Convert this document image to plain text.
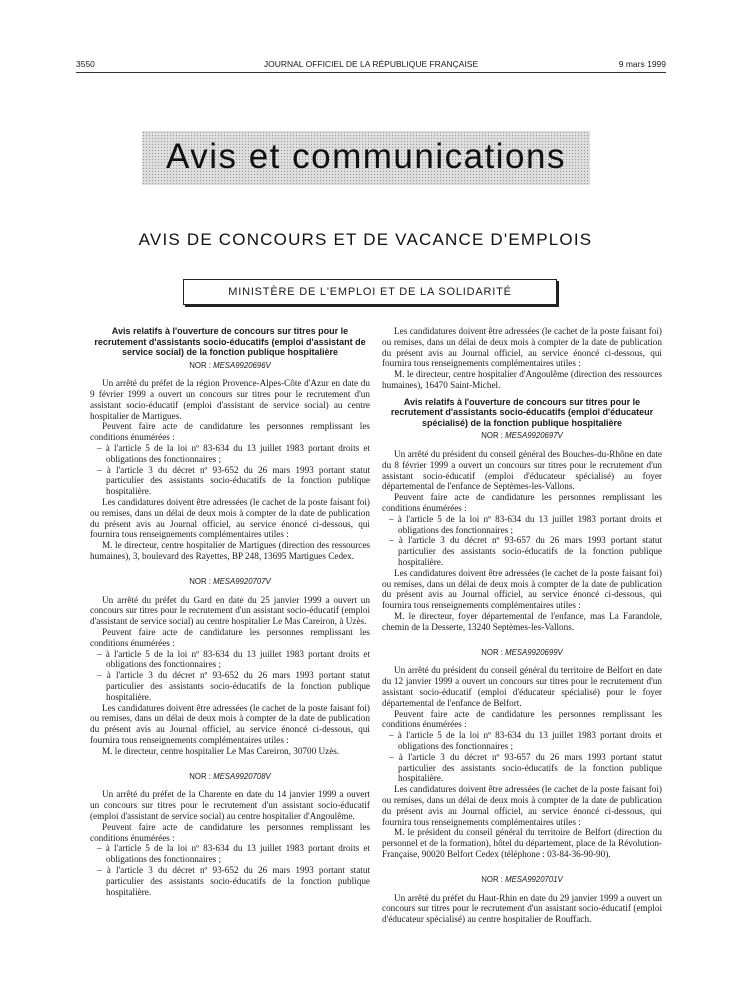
3550	JOURNAL OFFICIEL DE LA RÉPUBLIQUE FRANÇAISE	9 mars 1999
Avis et communications
AVIS DE CONCOURS ET DE VACANCE D'EMPLOIS
MINISTÈRE DE L'EMPLOI ET DE LA SOLIDARITÉ
Avis relatifs à l'ouverture de concours sur titres pour le recrutement d'assistants socio-éducatifs (emploi d'assistant de service social) de la fonction publique hospitalière
NOR : MESA9920696V

Un arrêté du préfet de la région Provence-Alpes-Côte d'Azur en date du 9 février 1999 a ouvert un concours sur titres pour le recrutement d'un assistant socio-éducatif (emploi d'assistant de service social) au centre hospitalier de Martigues.

Peuvent faire acte de candidature les personnes remplissant les conditions énumérées :

– à l'article 5 de la loi nº 83-634 du 13 juillet 1983 portant droits et obligations des fonctionnaires ;

– à l'article 3 du décret nº 93-652 du 26 mars 1993 portant statut particulier des assistants socio-éducatifs de la fonction publique hospitalière.

Les candidatures doivent être adressées (le cachet de la poste faisant foi) ou remises, dans un délai de deux mois à compter de la date de publication du présent avis au Journal officiel, au service énoncé ci-dessous, qui fournira tous renseignements complémentaires utiles :

M. le directeur, centre hospitalier de Martigues (direction des ressources humaines), 3, boulevard des Rayettes, BP 248, 13695 Martigues Cedex.

NOR : MESA9920707V

Un arrêté du préfet du Gard en date du 25 janvier 1999 a ouvert un concours sur titres pour le recrutement d'un assistant socio-éducatif (emploi d'assistant de service social) au centre hospitalier Le Mas Careiron, à Uzès.

Peuvent faire acte de candidature les personnes remplissant les conditions énumérées :

– à l'article 5 de la loi nº 83-634 du 13 juillet 1983 portant droits et obligations des fonctionnaires ;

– à l'article 3 du décret nº 93-652 du 26 mars 1993 portant statut particulier des assistants socio-éducatifs de la fonction publique hospitalière.

Les candidatures doivent être adressées (le cachet de la poste faisant foi) ou remises, dans un délai de deux mois à compter de la date de publication du présent avis au Journal officiel, au service énoncé ci-dessous, qui fournira tous renseignements complémentaires utiles :

M. le directeur, centre hospitalier Le Mas Careiron, 30700 Uzès.

NOR : MESA9920708V

Un arrêté du préfet de la Charente en date du 14 janvier 1999 a ouvert un concours sur titres pour le recrutement d'un assistant socio-éducatif (emploi d'assistant de service social) au centre hospitalier d'Angoulême.

Peuvent faire acte de candidature les personnes remplissant les conditions énumérées :

– à l'article 5 de la loi nº 83-634 du 13 juillet 1983 portant droits et obligations des fonctionnaires ;

– à l'article 3 du décret nº 93-652 du 26 mars 1993 portant statut particulier des assistants socio-éducatifs de la fonction publique hospitalière.

Les candidatures doivent être adressées (le cachet de la poste faisant foi) ou remises, dans un délai de deux mois à compter de la date de publication du présent avis au Journal officiel, au service énoncé ci-dessous, qui fournira tous renseignements complémentaires utiles :

M. le directeur, centre hospitalier d'Angoulême (direction des ressources humaines), 16470 Saint-Michel.

Avis relatifs à l'ouverture de concours sur titres pour le recrutement d'assistants socio-éducatifs (emploi d'éducateur spécialisé) de la fonction publique hospitalière
NOR : MESA9920697V

Un arrêté du président du conseil général des Bouches-du-Rhône en date du 8 février 1999 a ouvert un concours sur titres pour le recrutement d'un assistant socio-éducatif (emploi d'éducateur spécialisé) au foyer départemental de l'enfance de Septèmes-les-Vallons.

Peuvent faire acte de candidature les personnes remplissant les conditions énumérées :

– à l'article 5 de la loi nº 83-634 du 13 juillet 1983 portant droits et obligations des fonctionnaires ;

– à l'article 3 du décret nº 93-657 du 26 mars 1993 portant statut particulier des assistants socio-éducatifs de la fonction publique hospitalière.

Les candidatures doivent être adressées (le cachet de la poste faisant foi) ou remises, dans un délai de deux mois à compter de la date de publication du présent avis au Journal officiel, au service énoncé ci-dessous, qui fournira tous renseignements complémentaires utiles :

M. le directeur, foyer départemental de l'enfance, mas La Farandole, chemin de la Desserte, 13240 Septèmes-les-Vallons.

NOR : MESA9920699V

Un arrêté du président du conseil général du territoire de Belfort en date du 12 janvier 1999 a ouvert un concours sur titres pour le recrutement d'un assistant socio-éducatif (emploi d'éducateur spécialisé) pour le foyer départemental de l'enfance de Belfort.

Peuvent faire acte de candidature les personnes remplissant les conditions énumérées :

– à l'article 5 de la loi nº 83-634 du 13 juillet 1983 portant droits et obligations des fonctionnaires ;

– à l'article 3 du décret nº 93-657 du 26 mars 1993 portant statut particulier des assistants socio-éducatifs de la fonction publique hospitalière.

Les candidatures doivent être adressées (le cachet de la poste faisant foi) ou remises, dans un délai de deux mois à compter de la date de publication du présent avis au Journal officiel, au service énoncé ci-dessous, qui fournira tous renseignements complémentaires utiles :

M. le président du conseil général du territoire de Belfort (direction du personnel et de la formation), hôtel du département, place de la Révolution-Française, 90020 Belfort Cedex (téléphone : 03-84-36-90-90).

NOR : MESA9920701V

Un arrêté du préfet du Haut-Rhin en date du 29 janvier 1999 a ouvert un concours sur titres pour le recrutement d'un assistant socio-éducatif (emploi d'éducateur spécialisé) au centre hospitalier de Rouffach.
